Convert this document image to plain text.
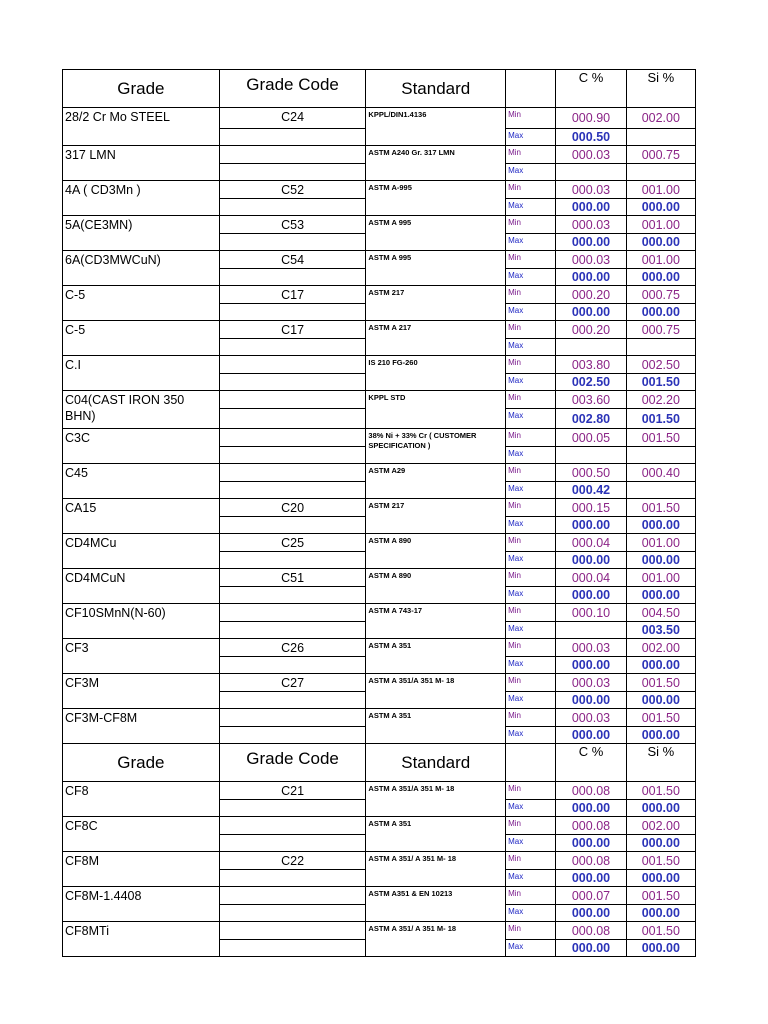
Grade	Grade Code	Standard		C %	Si %
28/2 Cr Mo STEEL	C24	KPPL/DIN1.4136	Min	000.90	002.00
			Max	000.50	
317 LMN		ASTM A240 Gr. 317 LMN	Min	000.03	000.75
			Max		
4A ( CD3Mn )	C52	ASTM A-995	Min	000.03	001.00
			Max	000.00	000.00
5A(CE3MN)	C53	ASTM A 995	Min	000.03	001.00
			Max	000.00	000.00
6A(CD3MWCuN)	C54	ASTM A 995	Min	000.03	001.00
			Max	000.00	000.00
C-5	C17	ASTM 217	Min	000.20	000.75
			Max	000.00	000.00
C-5	C17	ASTM A 217	Min	000.20	000.75
			Max		
C.I		IS 210 FG-260	Min	003.80	002.50
			Max	002.50	001.50
C04(CAST IRON 350 BHN)		KPPL STD	Min	003.60	002.20
			Max	002.80	001.50
C3C		38% Ni + 33% Cr ( CUSTOMER SPECIFICATION )	Min	000.05	001.50
			Max		
C45		ASTM A29	Min	000.50	000.40
			Max	000.42	
CA15	C20	ASTM 217	Min	000.15	001.50
			Max	000.00	000.00
CD4MCu	C25	ASTM A 890	Min	000.04	001.00
			Max	000.00	000.00
CD4MCuN	C51	ASTM A 890	Min	000.04	001.00
			Max	000.00	000.00
CF10SMnN(N-60)		ASTM A 743-17	Min	000.10	004.50
			Max		003.50
CF3	C26	ASTM A 351	Min	000.03	002.00
			Max	000.00	000.00
CF3M	C27	ASTM A 351/A 351 M- 18	Min	000.03	001.50
			Max	000.00	000.00
CF3M-CF8M		ASTM A 351	Min	000.03	001.50
			Max	000.00	000.00
Grade	Grade Code	Standard		C %	Si %
CF8	C21	ASTM A 351/A 351 M- 18	Min	000.08	001.50
			Max	000.00	000.00
CF8C		ASTM A 351	Min	000.08	002.00
			Max	000.00	000.00
CF8M	C22	ASTM A 351/ A 351 M- 18	Min	000.08	001.50
			Max	000.00	000.00
CF8M-1.4408		ASTM A351 & EN 10213	Min	000.07	001.50
			Max	000.00	000.00
CF8MTi		ASTM A 351/ A 351 M- 18	Min	000.08	001.50
			Max	000.00	000.00
